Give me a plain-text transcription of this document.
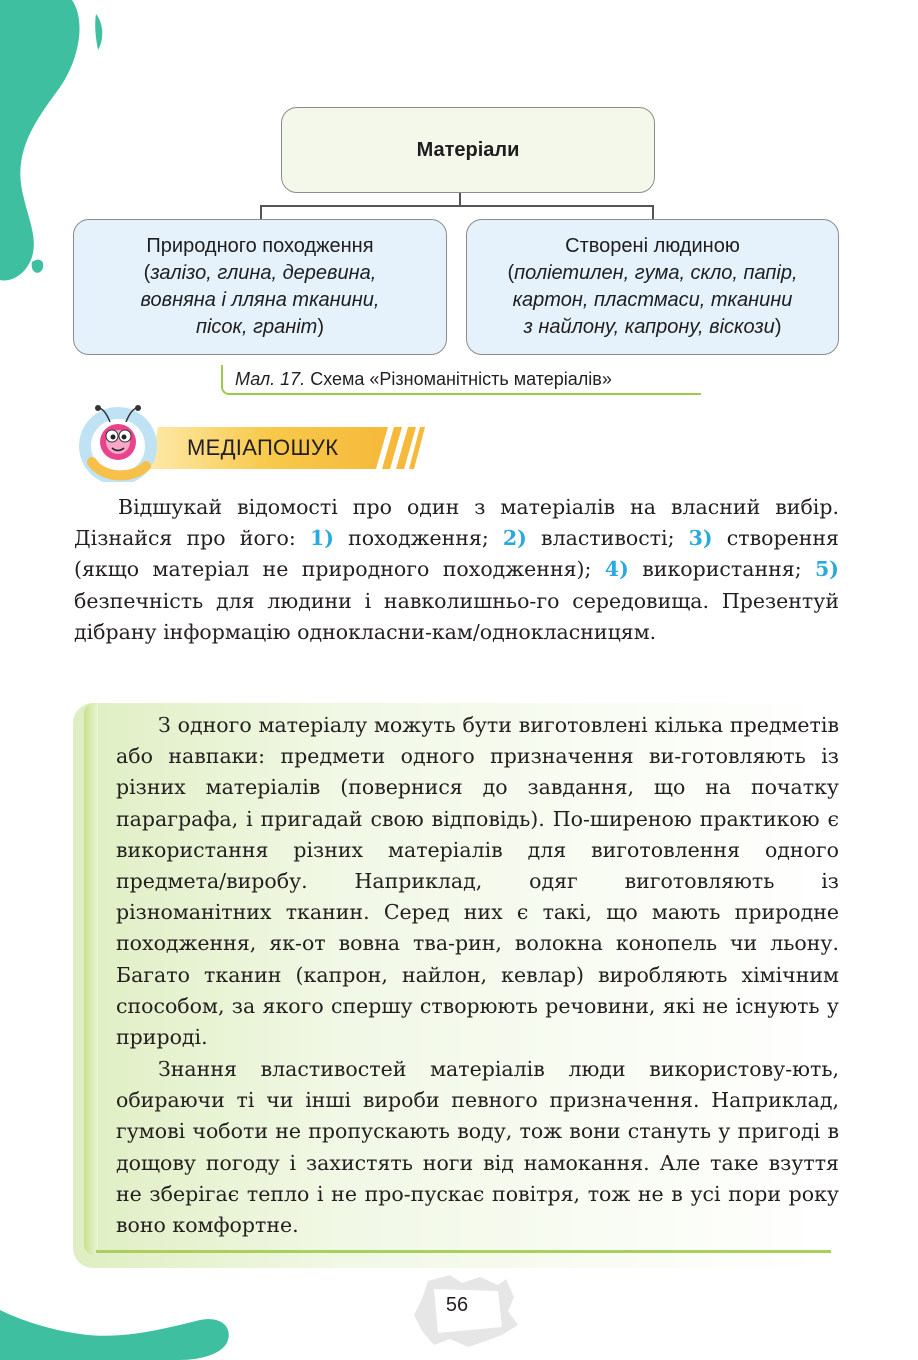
Матеріали
Природного походження
(залізо, глина, деревина,
вовняна і лляна тканини,
пісок, граніт)
Створені людиною
(поліетилен, гума, скло, папір,
картон, пластмаси, тканини
з найлону, капрону, віскози)
Мал. 17. Схема «Різноманітність матеріалів»
МЕДІАПОШУК

Відшукай відомості про один з матеріалів на власний вибір. Дізнайся про його: 1) походження; 2) властивості; 3) створення (якщо матеріал не природного походження); 4) використання; 5) безпечність для людини і навколишньо-го середовища. Презентуй дібрану інформацію однокласни-кам/однокласницям.

З одного матеріалу можуть бути виготовлені кілька предметів або навпаки: предмети одного призначення ви-готовляють із різних матеріалів (повернися до завдання, що на початку параграфа, і пригадай свою відповідь). По-ширеною практикою є використання різних матеріалів для виготовлення одного предмета/виробу. Наприклад, одяг виготовляють із різноманітних тканин. Серед них є такі, що мають природне походження, як-от вовна тва-рин, волокна конопель чи льону. Багато тканин (капрон, найлон, кевлар) виробляють хімічним способом, за якого спершу створюють речовини, які не існують у природі.

Знання властивостей матеріалів люди використову-ють, обираючи ті чи інші вироби певного призначення. Наприклад, гумові чоботи не пропускають воду, тож вони стануть у пригоді в дощову погоду і захистять ноги від намокання. Але таке взуття не зберігає тепло і не про-пускає повітря, тож не в усі пори року воно комфортне.

56
